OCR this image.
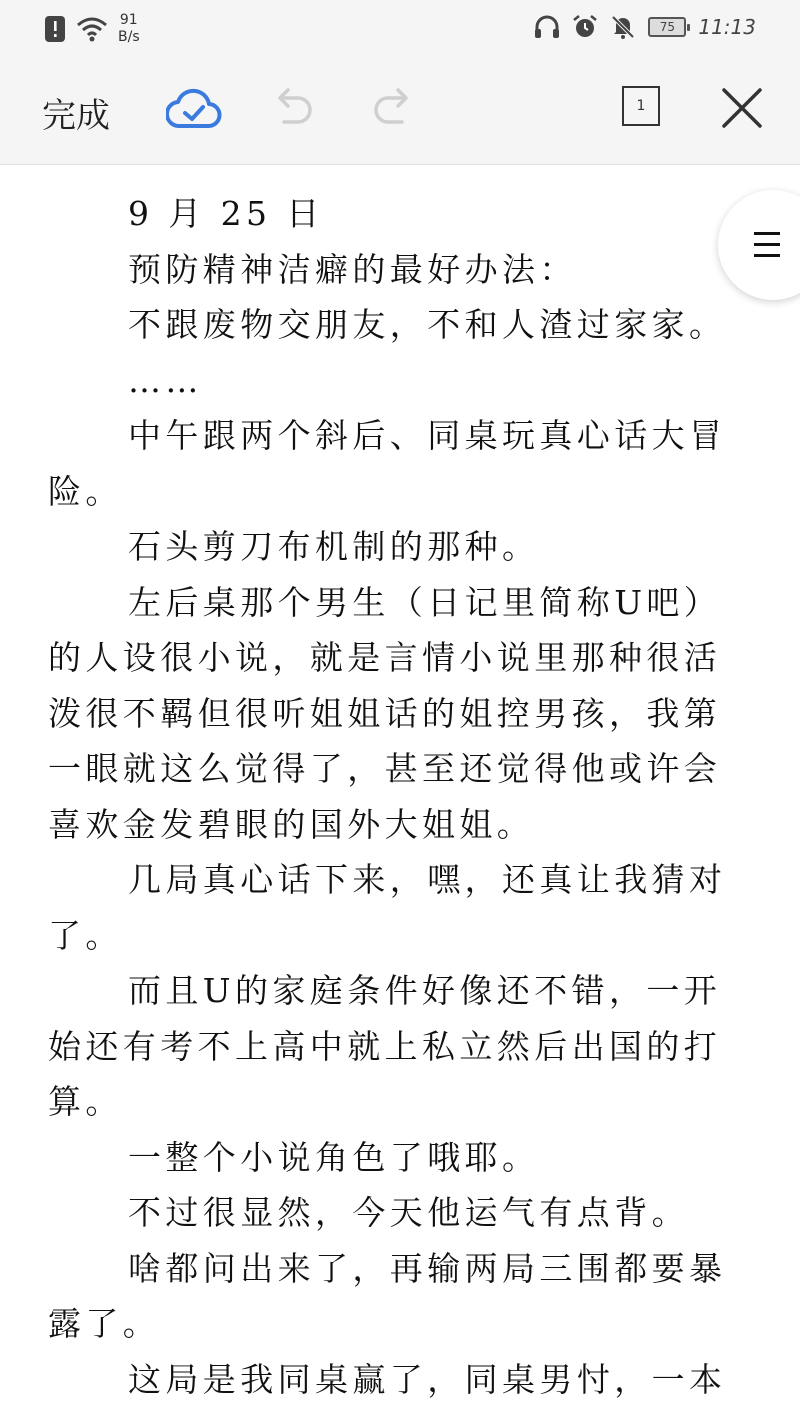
91
B/s
75 11:13
完成	1

9 月 25 日

预防精神洁癖的最好办法：

不跟废物交朋友，不和人渣过家家。

……

中午跟两个斜后、同桌玩真心话大冒险。

石头剪刀布机制的那种。

左后桌那个男生（日记里简称U吧）的人设很小说，就是言情小说里那种很活泼很不羁但很听姐姐话的姐控男孩，我第一眼就这么觉得了，甚至还觉得他或许会喜欢金发碧眼的国外大姐姐。

几局真心话下来，嘿，还真让我猜对了。

而且U的家庭条件好像还不错，一开始还有考不上高中就上私立然后出国的打算。

一整个小说角色了哦耶。

不过很显然，今天他运气有点背。

啥都问出来了，再输两局三围都要暴露了。

这局是我同桌赢了，同桌男忖，一本
